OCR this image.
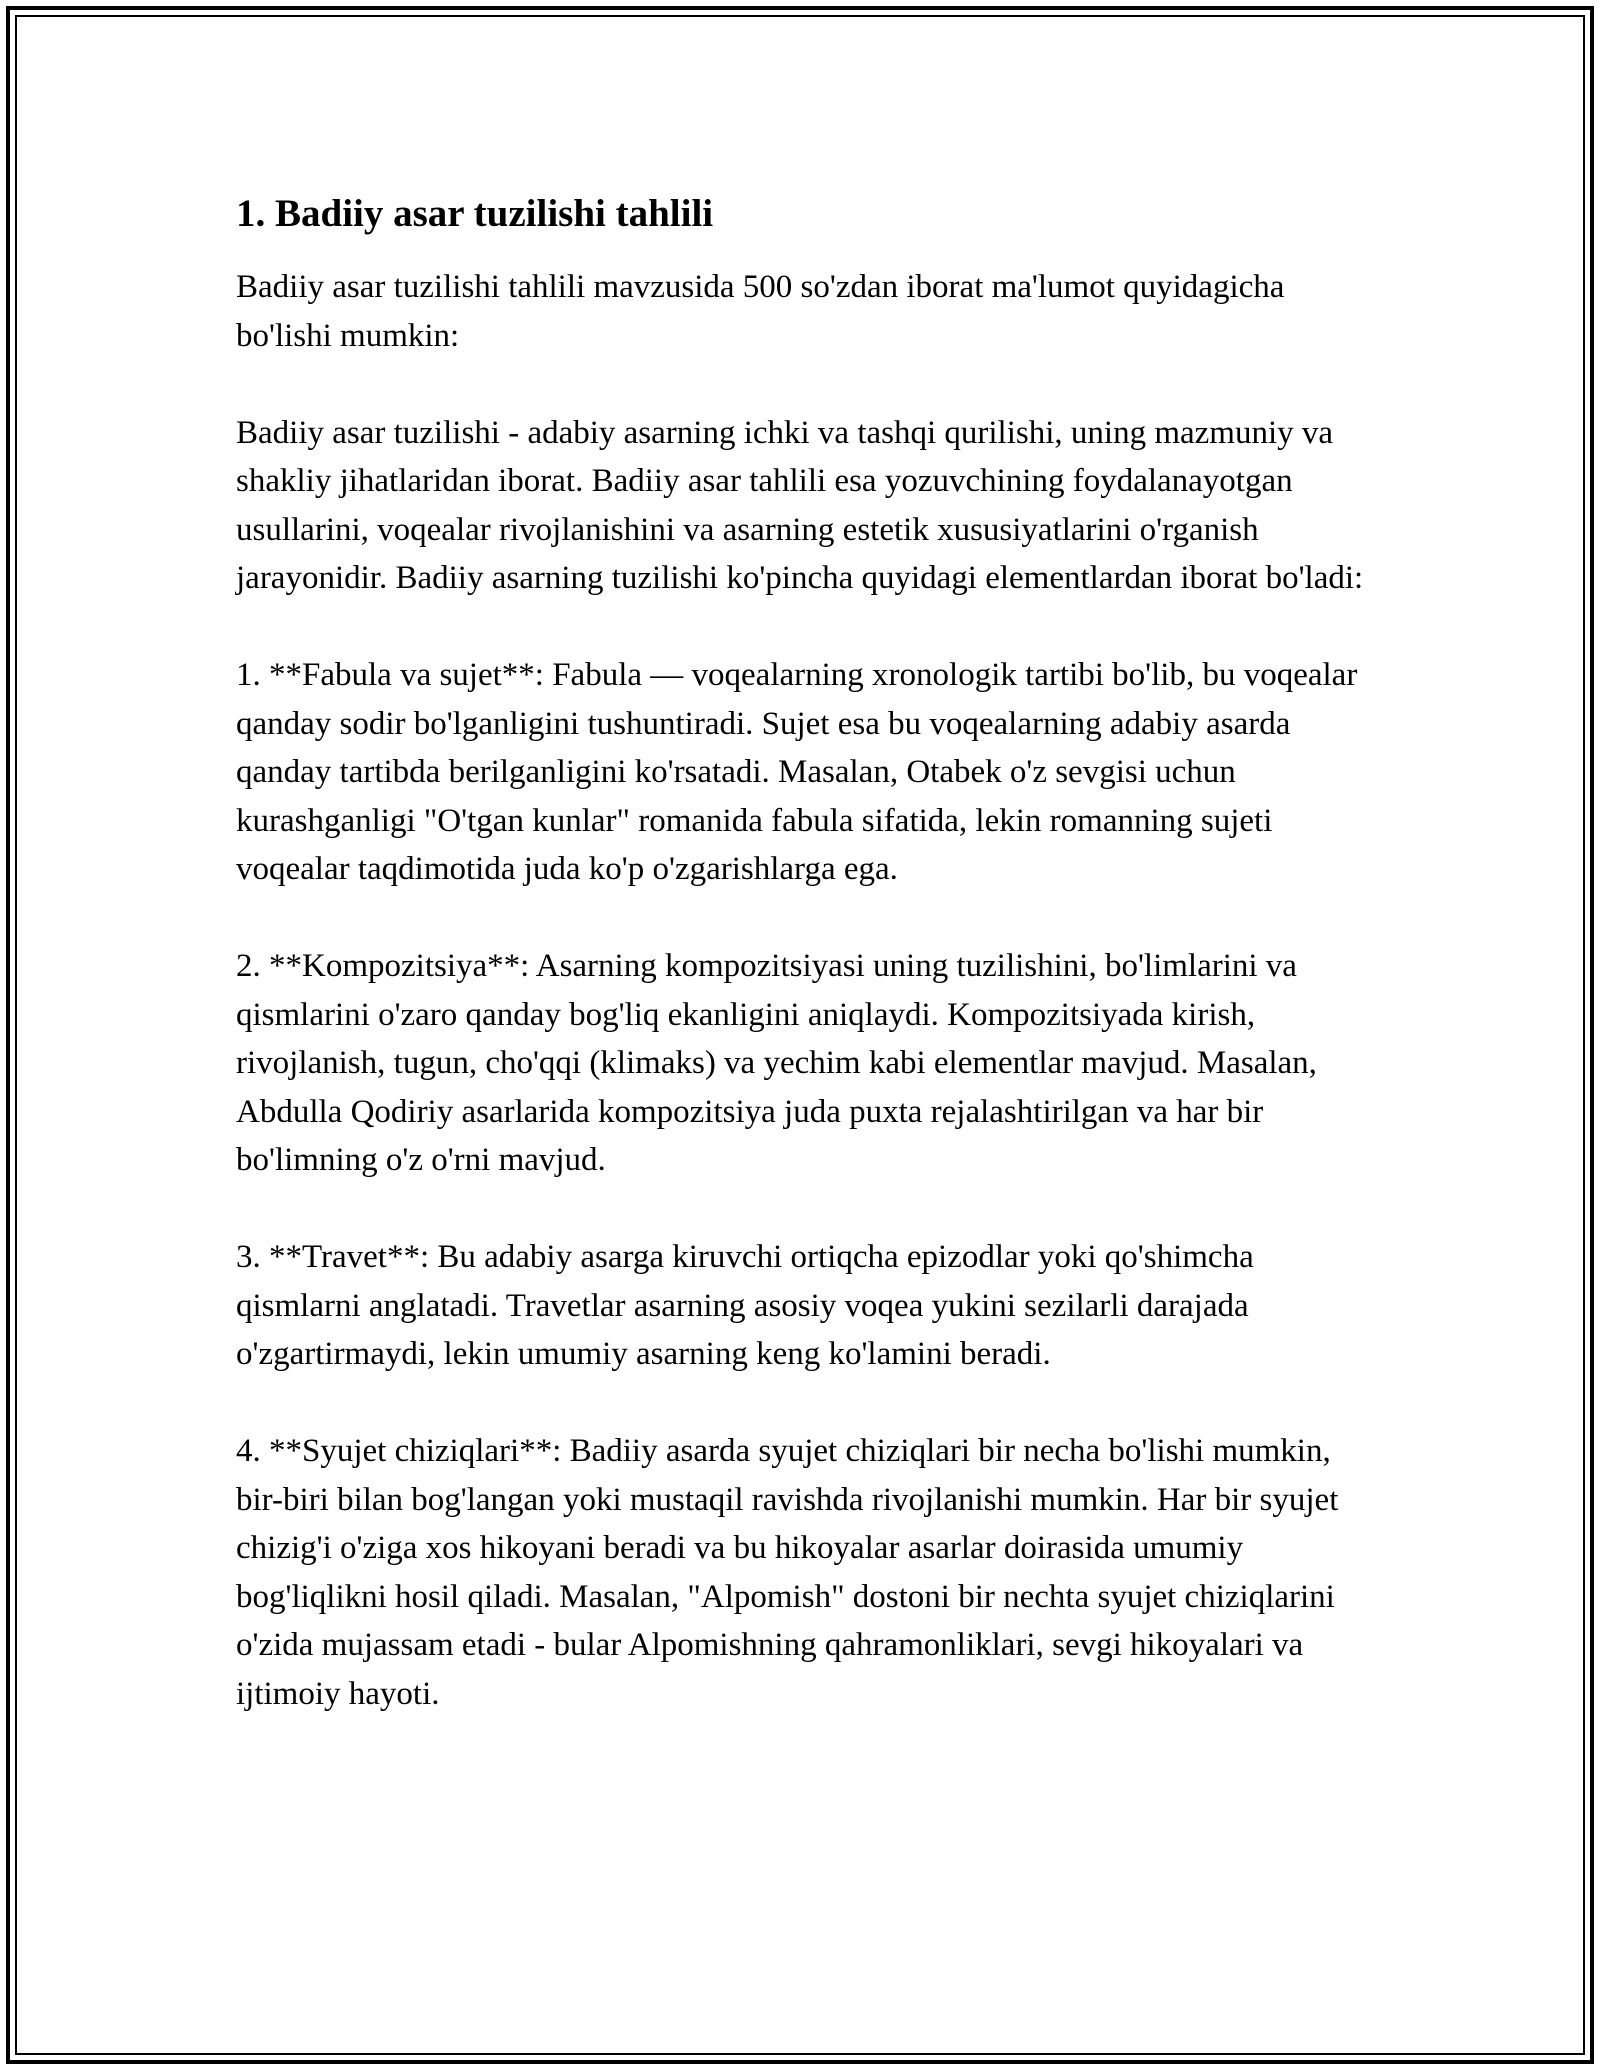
1. Badiiy asar tuzilishi tahlili

Badiiy asar tuzilishi tahlili mavzusida 500 so'zdan iborat ma'lumot quyidagicha bo'lishi mumkin:

Badiiy asar tuzilishi - adabiy asarning ichki va tashqi qurilishi, uning mazmuniy va shakliy jihatlaridan iborat. Badiiy asar tahlili esa yozuvchining foydalanayotgan usullarini, voqealar rivojlanishini va asarning estetik xususiyatlarini o'rganish jarayonidir. Badiiy asarning tuzilishi ko'pincha quyidagi elementlardan iborat bo'ladi:

1. **Fabula va sujet**: Fabula — voqealarning xronologik tartibi bo'lib, bu voqealar qanday sodir bo'lganligini tushuntiradi. Sujet esa bu voqealarning adabiy asarda qanday tartibda berilganligini ko'rsatadi. Masalan, Otabek o'z sevgisi uchun kurashganligi "O'tgan kunlar" romanida fabula sifatida, lekin romanning sujeti voqealar taqdimotida juda ko'p o'zgarishlarga ega.

2. **Kompozitsiya**: Asarning kompozitsiyasi uning tuzilishini, bo'limlarini va qismlarini o'zaro qanday bog'liq ekanligini aniqlaydi. Kompozitsiyada kirish, rivojlanish, tugun, cho'qqi (klimaks) va yechim kabi elementlar mavjud. Masalan, Abdulla Qodiriy asarlarida kompozitsiya juda puxta rejalashtirilgan va har bir bo'limning o'z o'rni mavjud.

3. **Travet**: Bu adabiy asarga kiruvchi ortiqcha epizodlar yoki qo'shimcha qismlarni anglatadi. Travetlar asarning asosiy voqea yukini sezilarli darajada o'zgartirmaydi, lekin umumiy asarning keng ko'lamini beradi.

4. **Syujet chiziqlari**: Badiiy asarda syujet chiziqlari bir necha bo'lishi mumkin, bir-biri bilan bog'langan yoki mustaqil ravishda rivojlanishi mumkin. Har bir syujet chizig'i o'ziga xos hikoyani beradi va bu hikoyalar asarlar doirasida umumiy bog'liqlikni hosil qiladi. Masalan, "Alpomish" dostoni bir nechta syujet chiziqlarini o'zida mujassam etadi - bular Alpomishning qahramonliklari, sevgi hikoyalari va ijtimoiy hayoti.
